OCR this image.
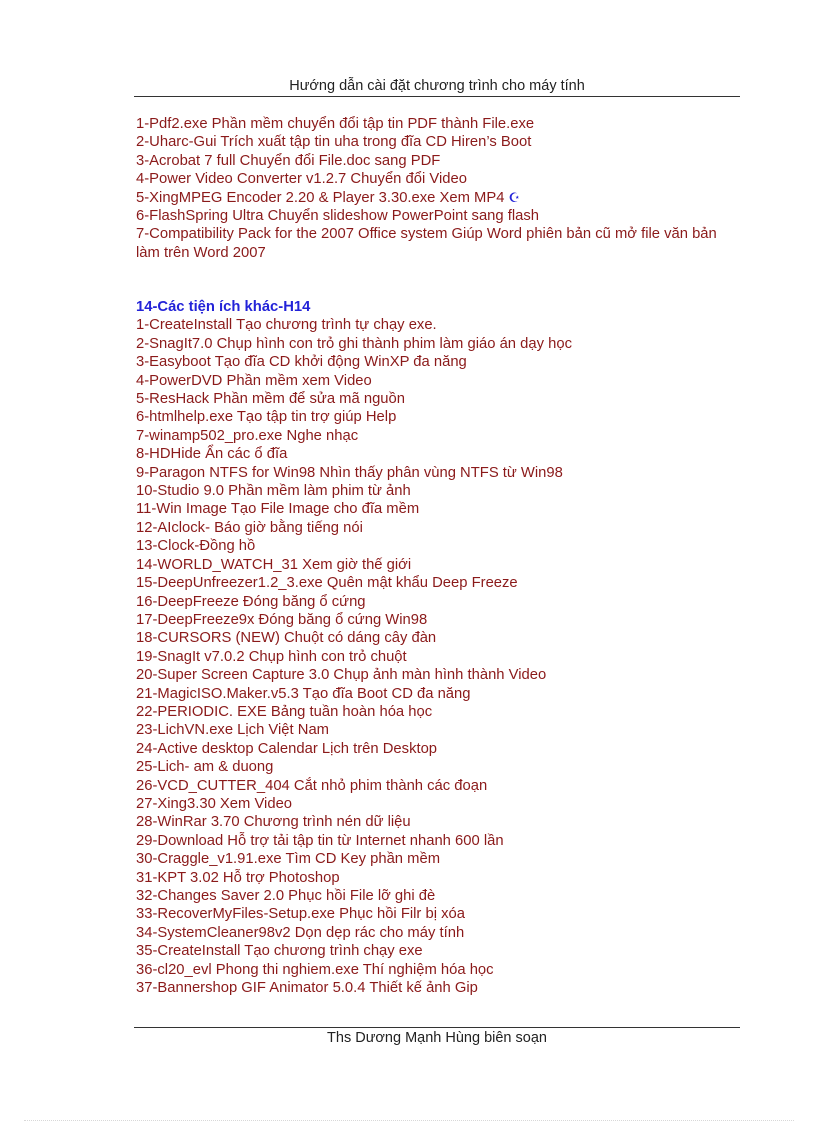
Hướng dẫn cài đặt chương trình cho máy tính
1-Pdf2.exe Phần mềm chuyển đổi tập tin PDF thành File.exe
2-Uharc-Gui Trích xuất tập tin uha trong đĩa CD Hiren’s Boot
3-Acrobat 7 full Chuyển đổi File.doc sang PDF
4-Power Video Converter v1.2.7 Chuyển đổi Video
5-XingMPEG Encoder 2.20 & Player 3.30.exe Xem MP4 ☪
6-FlashSpring Ultra Chuyển slideshow PowerPoint sang flash
7-Compatibility Pack for the 2007 Office system Giúp Word phiên bản cũ mở file văn bản làm trên Word 2007
14-Các tiện ích khác-H14
1-CreateInstall Tạo chương trình tự chạy exe.
2-SnagIt7.0 Chụp hình con trỏ ghi thành phim làm giáo án dạy học
3-Easyboot Tạo đĩa CD khởi động WinXP đa năng
4-PowerDVD Phần mềm xem Video
5-ResHack Phần mềm để sửa mã nguồn
6-htmlhelp.exe Tạo tập tin trợ giúp Help
7-winamp502_pro.exe Nghe nhạc
8-HDHide Ẩn các ổ đĩa
9-Paragon NTFS for Win98 Nhìn thấy phân vùng NTFS từ Win98
10-Studio 9.0 Phần mềm làm phim từ ảnh
11-Win Image Tạo File Image cho đĩa mềm
12-AIclock- Báo giờ bằng tiếng nói
13-Clock-Đồng hồ
14-WORLD_WATCH_31 Xem giờ thế giới
15-DeepUnfreezer1.2_3.exe Quên mật khẩu Deep Freeze
16-DeepFreeze Đóng băng ổ cứng
17-DeepFreeze9x Đóng băng ổ cứng Win98
18-CURSORS (NEW) Chuột có dáng cây đàn
19-SnagIt v7.0.2 Chụp hình con trỏ chuột
20-Super Screen Capture 3.0 Chụp ảnh màn hình thành Video
21-MagicISO.Maker.v5.3 Tạo đĩa Boot CD đa năng
22-PERIODIC. EXE Bảng tuần hoàn hóa học
23-LichVN.exe Lịch Việt Nam
24-Active desktop Calendar Lịch trên Desktop
25-Lich- am & duong
26-VCD_CUTTER_404 Cắt nhỏ phim thành các đoạn
27-Xing3.30 Xem Video
28-WinRar 3.70 Chương trình nén dữ liệu
29-Download Hỗ trợ tải tập tin từ Internet nhanh 600 lần
30-Craggle_v1.91.exe Tìm CD Key phần mềm
31-KPT 3.02 Hỗ trợ Photoshop
32-Changes Saver 2.0 Phục hồi File lỡ ghi đè
33-RecoverMyFiles-Setup.exe Phục hồi Filr bị xóa
34-SystemCleaner98v2 Dọn dẹp rác cho máy tính
35-CreateInstall Tạo chương trình chạy exe
36-cl20_evl Phong thi nghiem.exe Thí nghiệm hóa học
37-Bannershop GIF Animator 5.0.4 Thiết kế ảnh Gip
Ths Dương Mạnh Hùng biên soạn
